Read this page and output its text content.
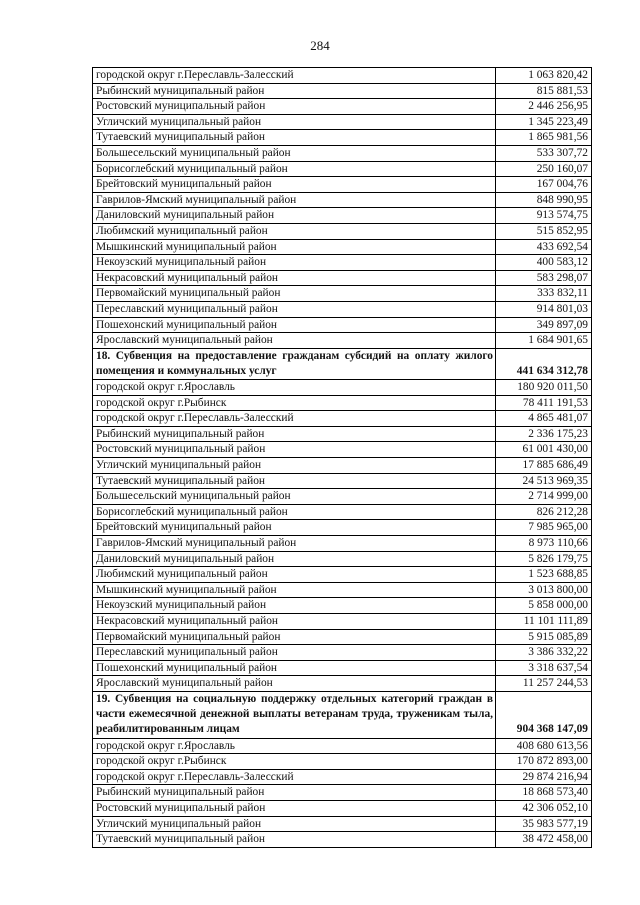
284
городской округ г.Переславль-Залесский	1 063 820,42
Рыбинский муниципальный район	815 881,53
Ростовский муниципальный район	2 446 256,95
Угличский муниципальный район	1 345 223,49
Тутаевский муниципальный район	1 865 981,56
Большесельский муниципальный район	533 307,72
Борисоглебский муниципальный район	250 160,07
Брейтовский муниципальный район	167 004,76
Гаврилов-Ямский муниципальный район	848 990,95
Даниловский муниципальный район	913 574,75
Любимский муниципальный район	515 852,95
Мышкинский муниципальный район	433 692,54
Некоузский муниципальный район	400 583,12
Некрасовский муниципальный район	583 298,07
Первомайский муниципальный район	333 832,11
Переславский муниципальный район	914 801,03
Пошехонский муниципальный район	349 897,09
Ярославский муниципальный район	1 684 901,65
18. Субвенция на предоставление гражданам субсидий на оплату жилого помещения и коммунальных услуг	441 634 312,78
городской округ г.Ярославль	180 920 011,50
городской округ г.Рыбинск	78 411 191,53
городской округ г.Переславль-Залесский	4 865 481,07
Рыбинский муниципальный район	2 336 175,23
Ростовский муниципальный район	61 001 430,00
Угличский муниципальный район	17 885 686,49
Тутаевский муниципальный район	24 513 969,35
Большесельский муниципальный район	2 714 999,00
Борисоглебский муниципальный район	826 212,28
Брейтовский муниципальный район	7 985 965,00
Гаврилов-Ямский муниципальный район	8 973 110,66
Даниловский муниципальный район	5 826 179,75
Любимский муниципальный район	1 523 688,85
Мышкинский муниципальный район	3 013 800,00
Некоузский муниципальный район	5 858 000,00
Некрасовский муниципальный район	11 101 111,89
Первомайский муниципальный район	5 915 085,89
Переславский муниципальный район	3 386 332,22
Пошехонский муниципальный район	3 318 637,54
Ярославский муниципальный район	11 257 244,53
19. Субвенция на социальную поддержку отдельных категорий граждан в части ежемесячной денежной выплаты ветеранам труда, труженикам тыла, реабилитированным лицам	904 368 147,09
городской округ г.Ярославль	408 680 613,56
городской округ г.Рыбинск	170 872 893,00
городской округ г.Переславль-Залесский	29 874 216,94
Рыбинский муниципальный район	18 868 573,40
Ростовский муниципальный район	42 306 052,10
Угличский муниципальный район	35 983 577,19
Тутаевский муниципальный район	38 472 458,00
